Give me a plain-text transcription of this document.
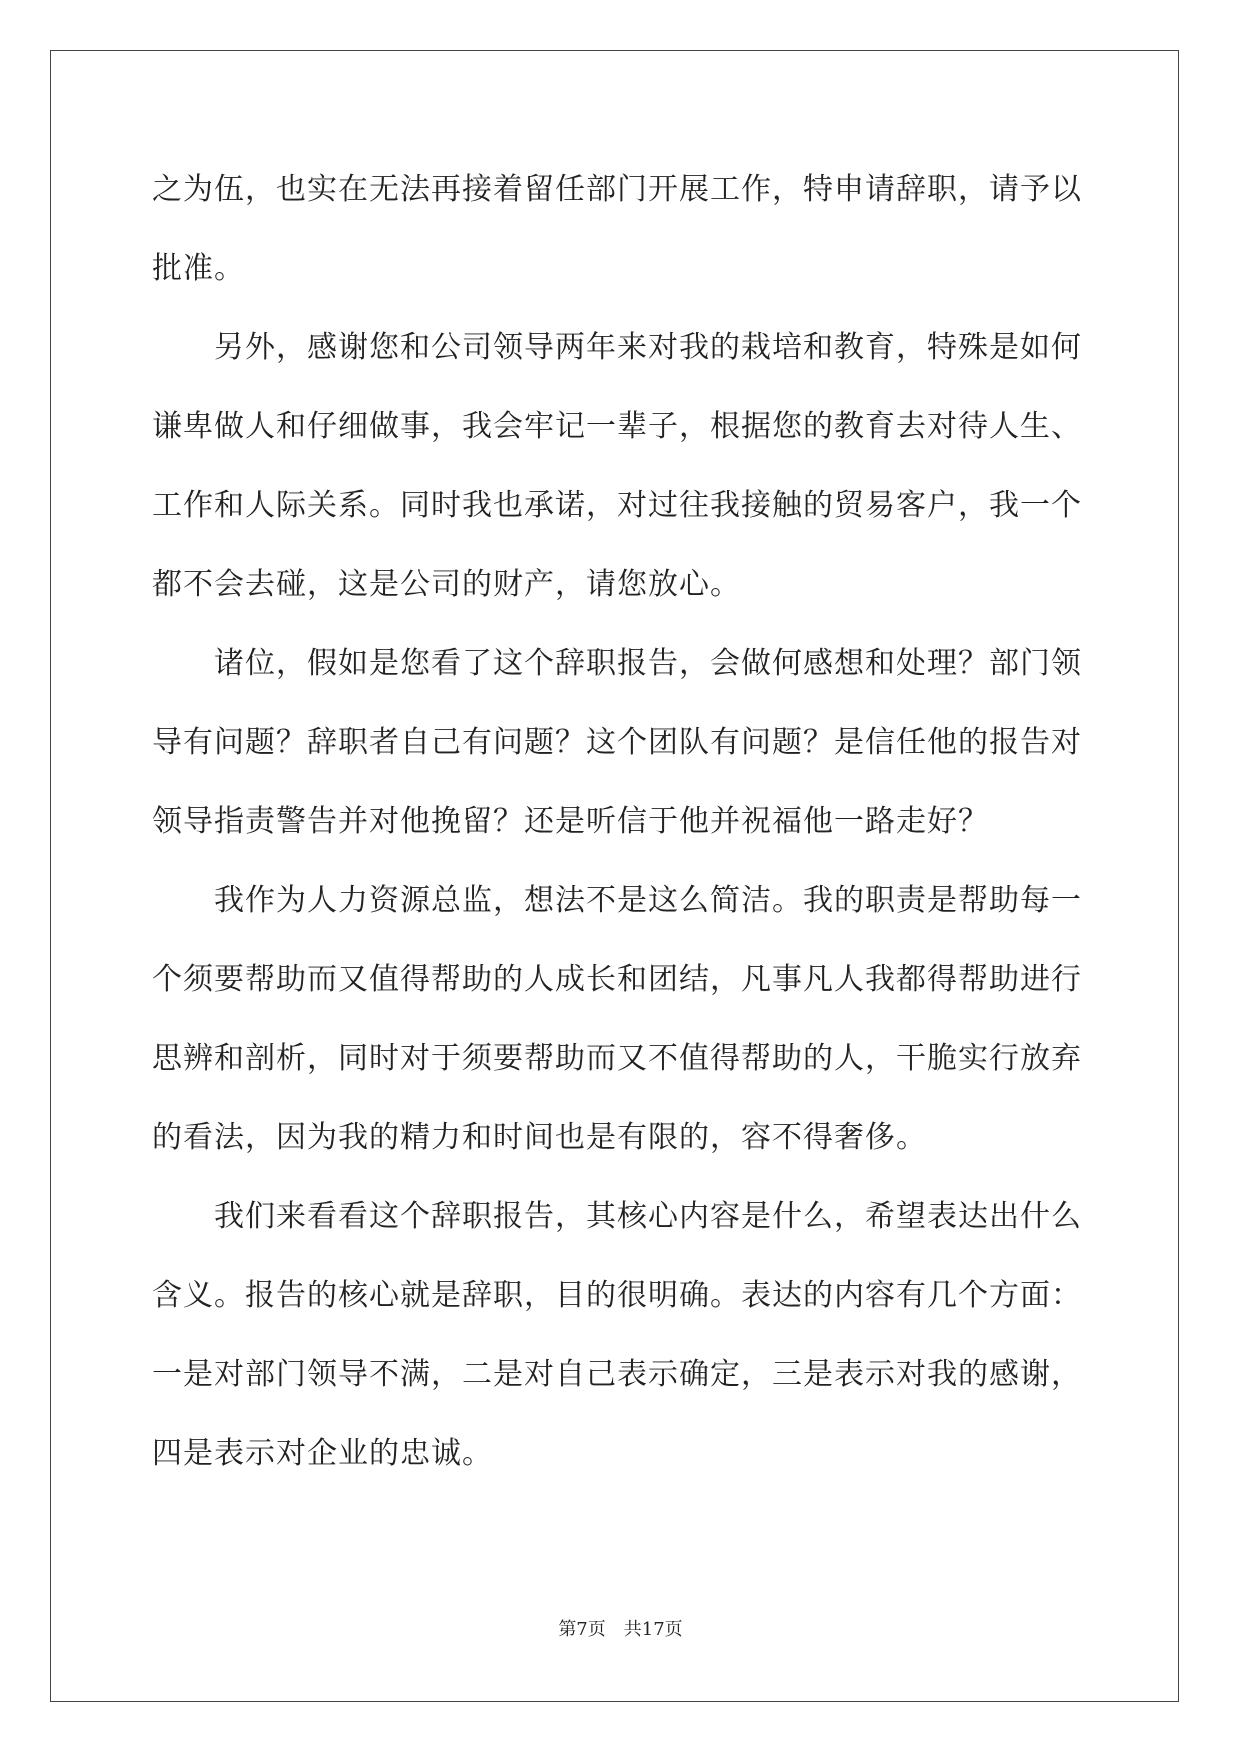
之为伍，也实在无法再接着留任部门开展工作，特申请辞职，请予以
批准。
另外，感谢您和公司领导两年来对我的栽培和教育，特殊是如何
谦卑做人和仔细做事，我会牢记一辈子，根据您的教育去对待人生、
工作和人际关系。同时我也承诺，对过往我接触的贸易客户，我一个
都不会去碰，这是公司的财产，请您放心。
诸位，假如是您看了这个辞职报告，会做何感想和处理？部门领
导有问题？辞职者自己有问题？这个团队有问题？是信任他的报告对
领导指责警告并对他挽留？还是听信于他并祝福他一路走好？
我作为人力资源总监，想法不是这么简洁。我的职责是帮助每一
个须要帮助而又值得帮助的人成长和团结，凡事凡人我都得帮助进行
思辨和剖析，同时对于须要帮助而又不值得帮助的人，干脆实行放弃
的看法，因为我的精力和时间也是有限的，容不得奢侈。
我们来看看这个辞职报告，其核心内容是什么，希望表达出什么
含义。报告的核心就是辞职，目的很明确。表达的内容有几个方面：
一是对部门领导不满，二是对自己表示确定，三是表示对我的感谢，
四是表示对企业的忠诚。
第7页　共17页
